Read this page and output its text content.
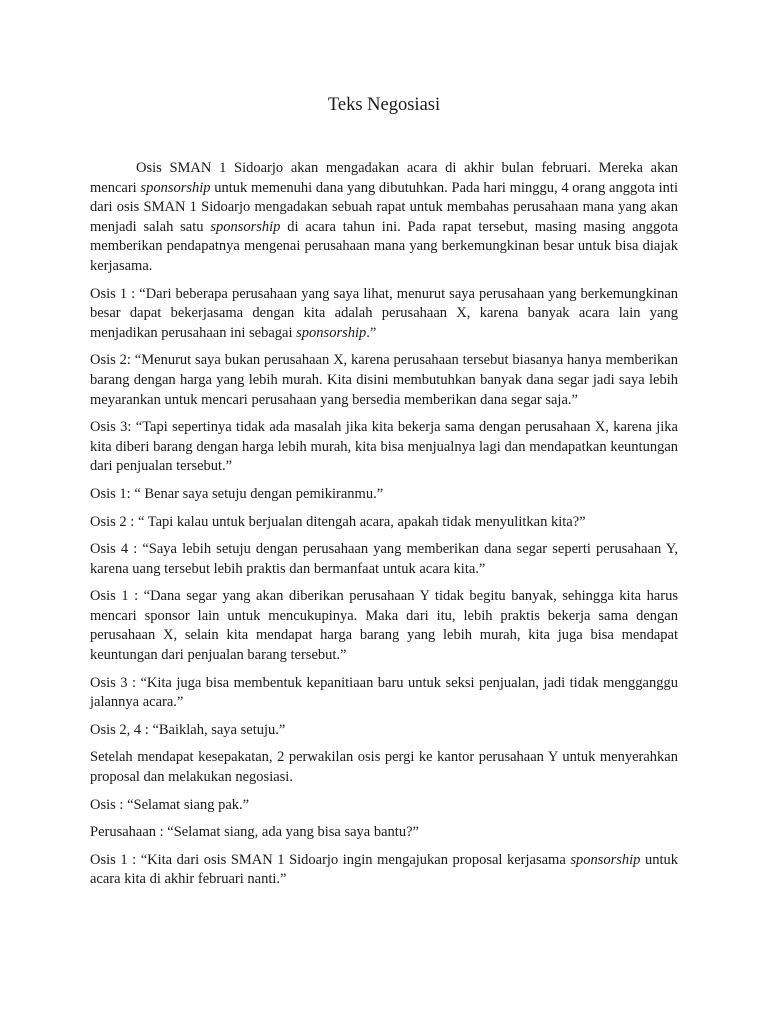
Teks Negosiasi

Osis SMAN 1 Sidoarjo akan mengadakan acara di akhir bulan februari. Mereka akan mencari sponsorship untuk memenuhi dana yang dibutuhkan. Pada hari minggu, 4 orang anggota inti dari osis SMAN 1 Sidoarjo mengadakan sebuah rapat untuk membahas perusahaan mana yang akan menjadi salah satu sponsorship di acara tahun ini. Pada rapat tersebut, masing masing anggota memberikan pendapatnya mengenai perusahaan mana yang berkemungkinan besar untuk bisa diajak kerjasama.

Osis 1 : “Dari beberapa perusahaan yang saya lihat, menurut saya perusahaan yang berkemungkinan besar dapat bekerjasama dengan kita adalah perusahaan X, karena banyak acara lain yang menjadikan perusahaan ini sebagai sponsorship.”

Osis 2: “Menurut saya bukan perusahaan X, karena perusahaan tersebut biasanya hanya memberikan barang dengan harga yang lebih murah. Kita disini membutuhkan banyak dana segar jadi saya lebih meyarankan untuk mencari perusahaan yang bersedia memberikan dana segar saja.”

Osis 3: “Tapi sepertinya tidak ada masalah jika kita bekerja sama dengan perusahaan X, karena jika kita diberi barang dengan harga lebih murah, kita bisa menjualnya lagi dan mendapatkan keuntungan dari penjualan tersebut.”

Osis 1: “ Benar saya setuju dengan pemikiranmu.”

Osis 2 : “ Tapi kalau untuk berjualan ditengah acara, apakah tidak menyulitkan kita?”

Osis 4 : “Saya lebih setuju dengan perusahaan yang memberikan dana segar seperti perusahaan Y, karena uang tersebut lebih praktis dan bermanfaat untuk acara kita.”

Osis 1 : “Dana segar yang akan diberikan perusahaan Y tidak begitu banyak, sehingga kita harus mencari sponsor lain untuk mencukupinya. Maka dari itu, lebih praktis bekerja sama dengan perusahaan X, selain kita mendapat harga barang yang lebih murah, kita juga bisa mendapat keuntungan dari penjualan barang tersebut.”

Osis 3 : “Kita juga bisa membentuk kepanitiaan baru untuk seksi penjualan, jadi tidak mengganggu jalannya acara.”

Osis 2, 4 : “Baiklah, saya setuju.”

Setelah mendapat kesepakatan, 2 perwakilan osis pergi ke kantor perusahaan Y untuk menyerahkan proposal dan melakukan negosiasi.

Osis : “Selamat siang pak.”

Perusahaan : “Selamat siang, ada yang bisa saya bantu?”

Osis 1 : “Kita dari osis SMAN 1 Sidoarjo ingin mengajukan proposal kerjasama sponsorship untuk acara kita di akhir februari nanti.”
